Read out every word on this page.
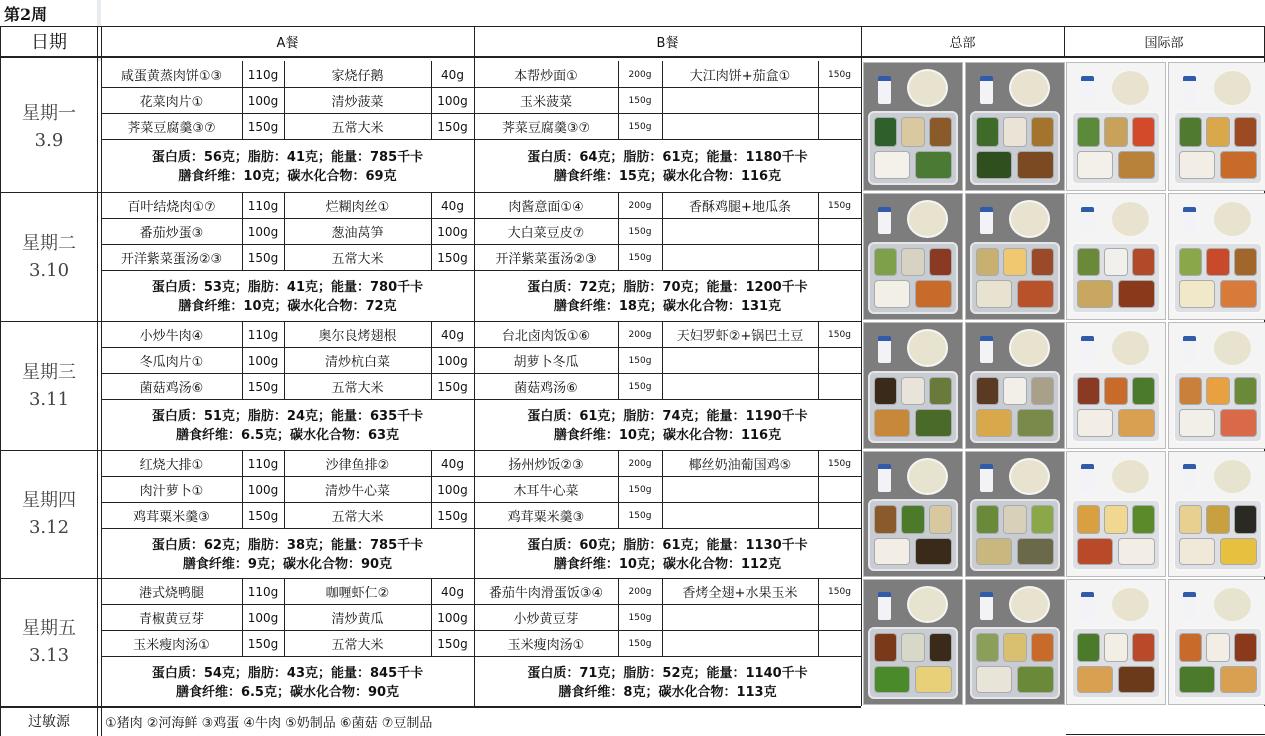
第2周
日期	A餐	B餐	总部	国际部
星期一
3.9
咸蛋黄蒸肉饼①③	110g	家烧仔鹅	40g	本帮炒面①	200g	大江肉饼+茄盒①	150g
花菜肉片①	100g	清炒菠菜	100g	玉米菠菜	150g
荠菜豆腐羹③⑦	150g	五常大米	150g	荠菜豆腐羹③⑦	150g
蛋白质：56克；脂肪：41克；能量：785千卡
膳食纤维：10克；碳水化合物：69克
蛋白质：64克；脂肪：61克；能量：1180千卡
膳食纤维：15克；碳水化合物：116克
星期二
3.10
百叶结烧肉①⑦	110g	烂糊肉丝①	40g	肉酱意面①④	200g	香酥鸡腿+地瓜条	150g
番茄炒蛋③	100g	葱油莴笋	100g	大白菜豆皮⑦	150g
开洋紫菜蛋汤②③	150g	五常大米	150g	开洋紫菜蛋汤②③	150g
蛋白质：53克；脂肪：41克；能量：780千卡
膳食纤维：10克；碳水化合物：72克
蛋白质：72克；脂肪：70克；能量：1200千卡
膳食纤维：18克；碳水化合物：131克
星期三
3.11
小炒牛肉④	110g	奥尔良烤翅根	40g	台北卤肉饭①⑥	200g	天妇罗虾②+锅巴土豆	150g
冬瓜肉片①	100g	清炒杭白菜	100g	胡萝卜冬瓜	150g
菌菇鸡汤⑥	150g	五常大米	150g	菌菇鸡汤⑥	150g
蛋白质：51克；脂肪：24克；能量：635千卡
膳食纤维：6.5克；碳水化合物：63克
蛋白质：61克；脂肪：74克；能量：1190千卡
膳食纤维：10克；碳水化合物：116克
星期四
3.12
红烧大排①	110g	沙律鱼排②	40g	扬州炒饭②③	200g	椰丝奶油葡国鸡⑤	150g
肉汁萝卜①	100g	清炒牛心菜	100g	木耳牛心菜	150g
鸡茸粟米羹③	150g	五常大米	150g	鸡茸粟米羹③	150g
蛋白质：62克；脂肪：38克；能量：785千卡
膳食纤维：9克；碳水化合物：90克
蛋白质：60克；脂肪：61克；能量：1130千卡
膳食纤维：10克；碳水化合物：112克
星期五
3.13
港式烧鸭腿	110g	咖喱虾仁②	40g	番茄牛肉滑蛋饭③④	200g	香烤全翅+水果玉米	150g
青椒黄豆芽	100g	清炒黄瓜	100g	小炒黄豆芽	150g
玉米瘦肉汤①	150g	五常大米	150g	玉米瘦肉汤①	150g
蛋白质：54克；脂肪：43克；能量：845千卡
膳食纤维：6.5克；碳水化合物：90克
蛋白质：71克；脂肪：52克；能量：1140千卡
膳食纤维：8克；碳水化合物：113克
过敏源	①猪肉 ②河海鲜 ③鸡蛋 ④牛肉 ⑤奶制品 ⑥菌菇 ⑦豆制品
